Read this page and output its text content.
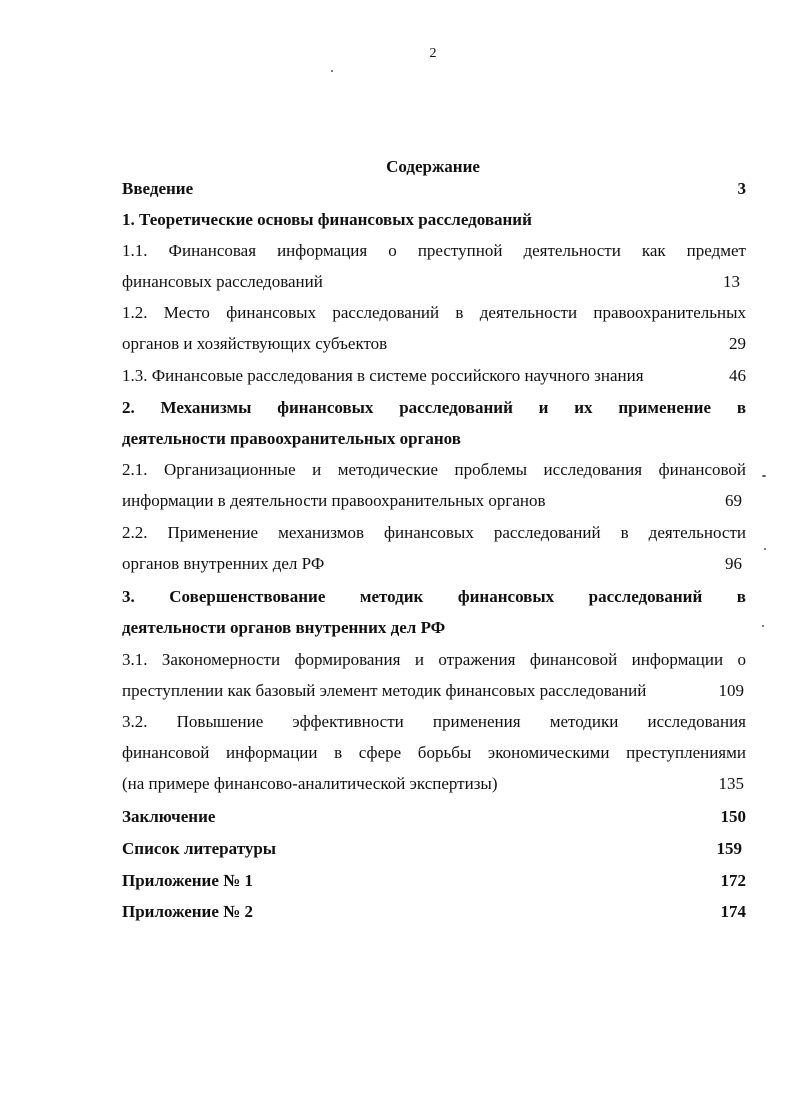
2
Содержание
Введение	3
1. Теоретические основы финансовых расследований
1.1. Финансовая информация о преступной деятельности как предмет
финансовых расследований	13
1.2. Место финансовых расследований в деятельности правоохранительных
органов и хозяйствующих субъектов	29
1.3. Финансовые расследования в системе российского научного знания	46
2. Механизмы финансовых расследований и их применение в
деятельности правоохранительных органов
2.1. Организационные и методические проблемы исследования финансовой
информации в деятельности правоохранительных органов	69
2.2. Применение механизмов финансовых расследований в деятельности
органов внутренних дел РФ	96
3. Совершенствование методик финансовых расследований в
деятельности органов внутренних дел РФ
3.1. Закономерности формирования и отражения финансовой информации о
преступлении как базовый элемент методик финансовых расследований	109
3.2. Повышение эффективности применения методики исследования
финансовой информации в сфере борьбы экономическими преступлениями
(на примере финансово-аналитической экспертизы)	135
Заключение	150
Список литературы	159
Приложение № 1	172
Приложение № 2	174
